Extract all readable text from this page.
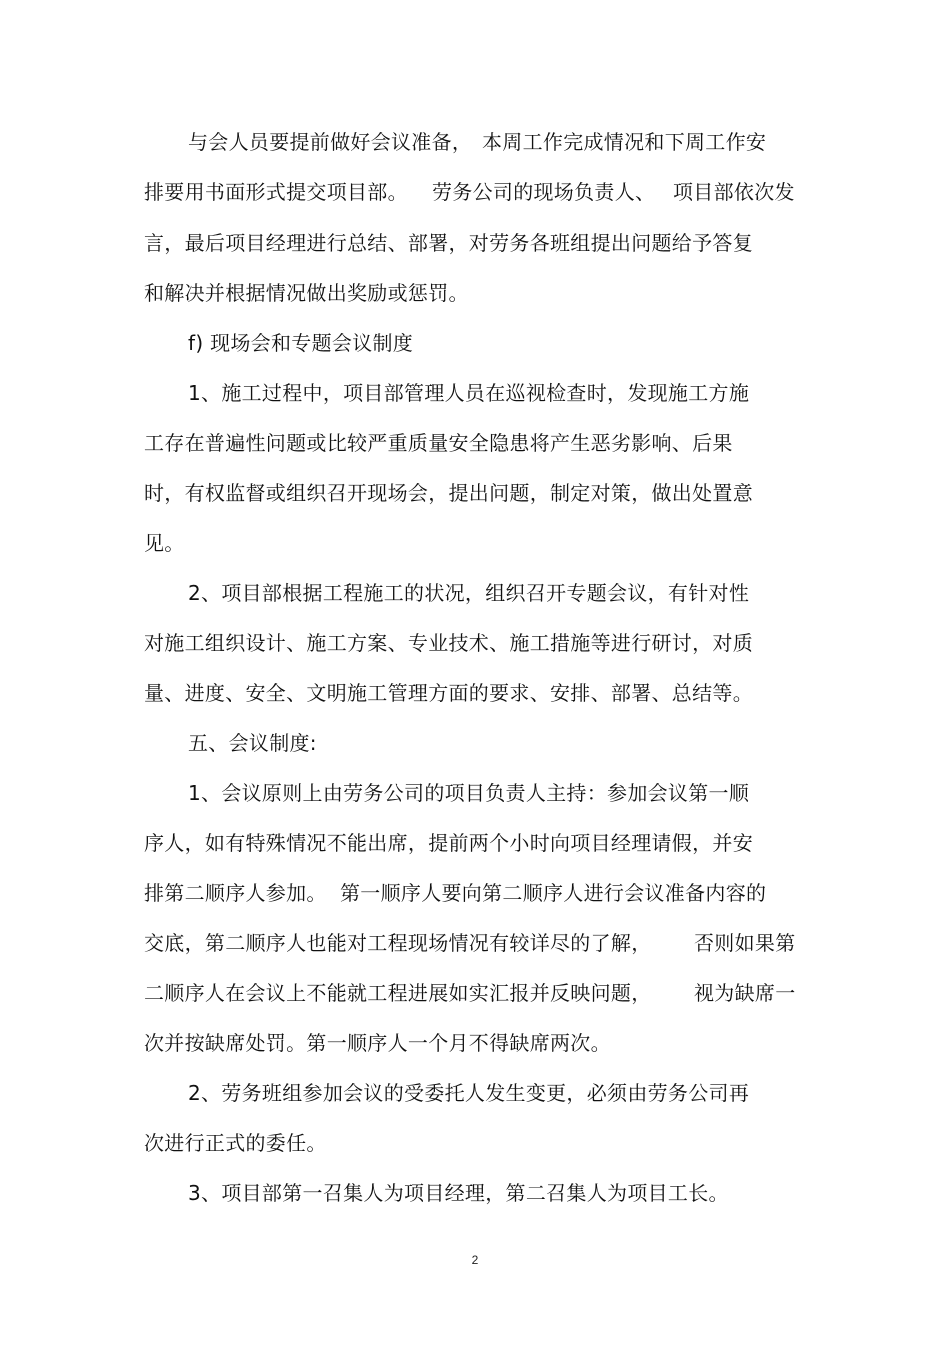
与会人员要提前做好会议准备，

本周工作完成情况和下周工作安

排要用书面形式提交项目部。

劳务公司的现场负责人、

项目部依次发

言，最后项目经理进行总结、部署，对劳务各班组提出问题给予答复

和解决并根据情况做出奖励或惩罚。

f) 现场会和专题会议制度

1、施工过程中，项目部管理人员在巡视检查时，发现施工方施

工存在普遍性问题或比较严重质量安全隐患将产生恶劣影响、后果

时，有权监督或组织召开现场会，提出问题，制定对策，做出处置意

见。

2、项目部根据工程施工的状况，组织召开专题会议，有针对性

对施工组织设计、施工方案、专业技术、施工措施等进行研讨，对质

量、进度、安全、文明施工管理方面的要求、安排、部署、总结等。

五、会议制度:

1、会议原则上由劳务公司的项目负责人主持：参加会议第一顺

序人，如有特殊情况不能出席，提前两个小时向项目经理请假，并安

排第二顺序人参加。

第一顺序人要向第二顺序人进行会议准备内容的

交底，第二顺序人也能对工程现场情况有较详尽的了解，

否则如果第

二顺序人在会议上不能就工程进展如实汇报并反映问题，

视为缺席一

次并按缺席处罚。第一顺序人一个月不得缺席两次。

2、劳务班组参加会议的受委托人发生变更，必须由劳务公司再

次进行正式的委任。

3、项目部第一召集人为项目经理，第二召集人为项目工长。

2
